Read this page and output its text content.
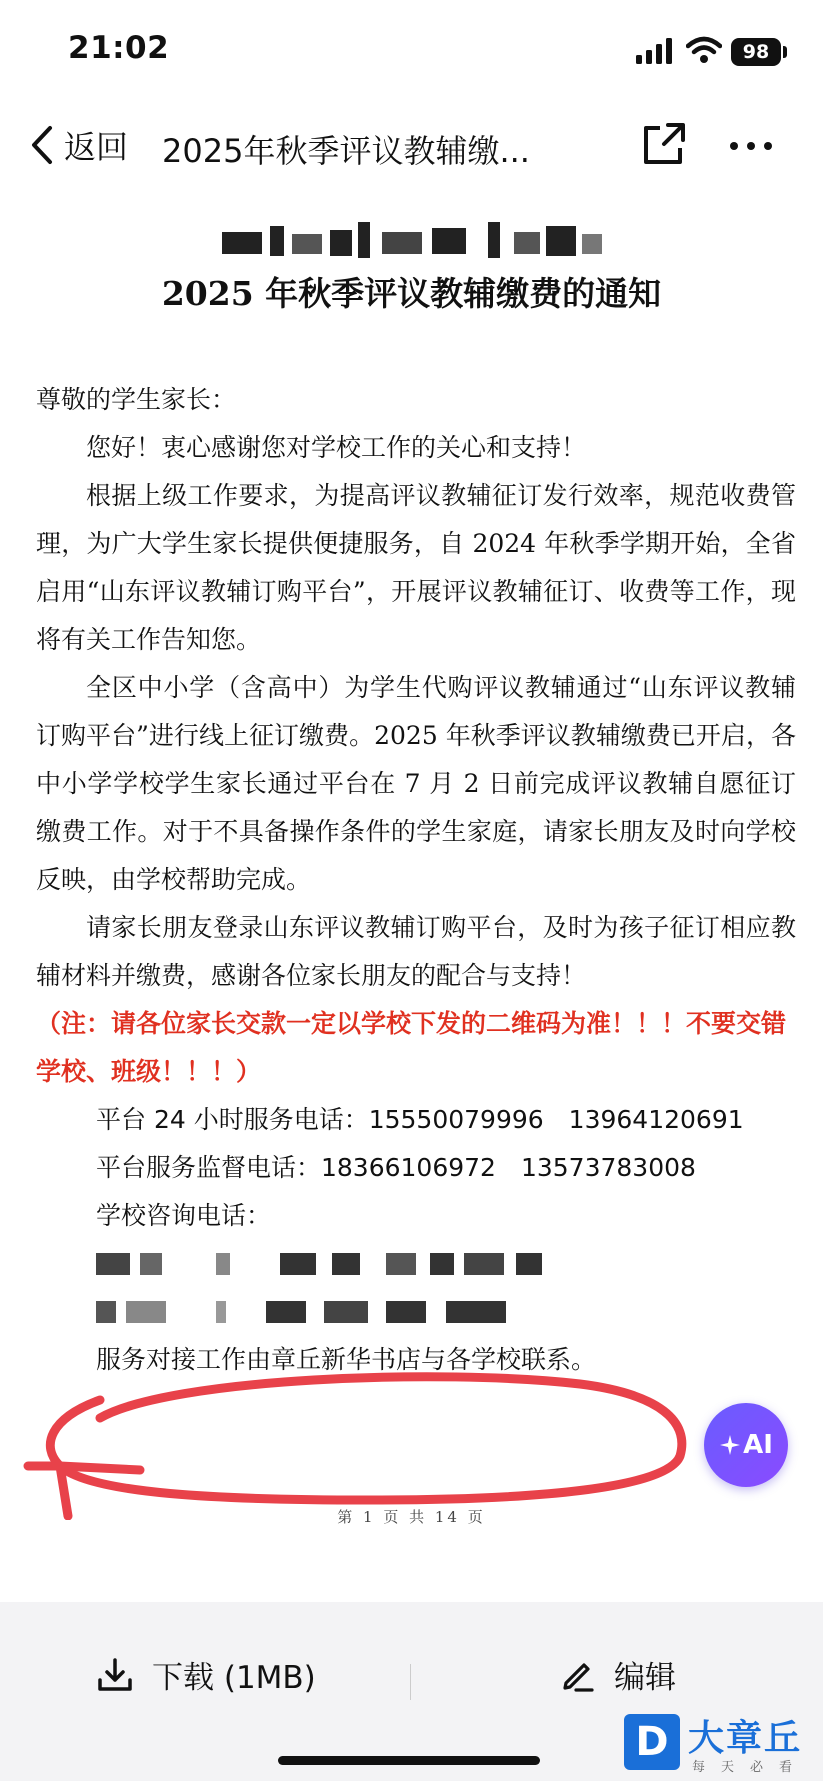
21:02	98
返回 2025年秋季评议教辅缴...
2025 年秋季评议教辅缴费的通知

尊敬的学生家长：

您好！衷心感谢您对学校工作的关心和支持！

根据上级工作要求，为提高评议教辅征订发行效率，规范收费管理，为广大学生家长提供便捷服务，自 2024 年秋季学期开始，全省启用“山东评议教辅订购平台”，开展评议教辅征订、收费等工作，现将有关工作告知您。

全区中小学（含高中）为学生代购评议教辅通过“山东评议教辅订购平台”进行线上征订缴费。2025 年秋季评议教辅缴费已开启，各中小学学校学生家长通过平台在 7 月 2 日前完成评议教辅自愿征订缴费工作。对于不具备操作条件的学生家庭，请家长朋友及时向学校反映，由学校帮助完成。

请家长朋友登录山东评议教辅订购平台，及时为孩子征订相应教辅材料并缴费，感谢各位家长朋友的配合与支持！

（注：请各位家长交款一定以学校下发的二维码为准！！！不要交错学校、班级！！！）

平台 24 小时服务电话：15550079996　13964120691

平台服务监督电话：18366106972　13573783008

学校咨询电话：

服务对接工作由章丘新华书店与各学校联系。

AI
第 1 页 共 14 页
下载 (1MB)	编辑
D 大章丘
每天必看
